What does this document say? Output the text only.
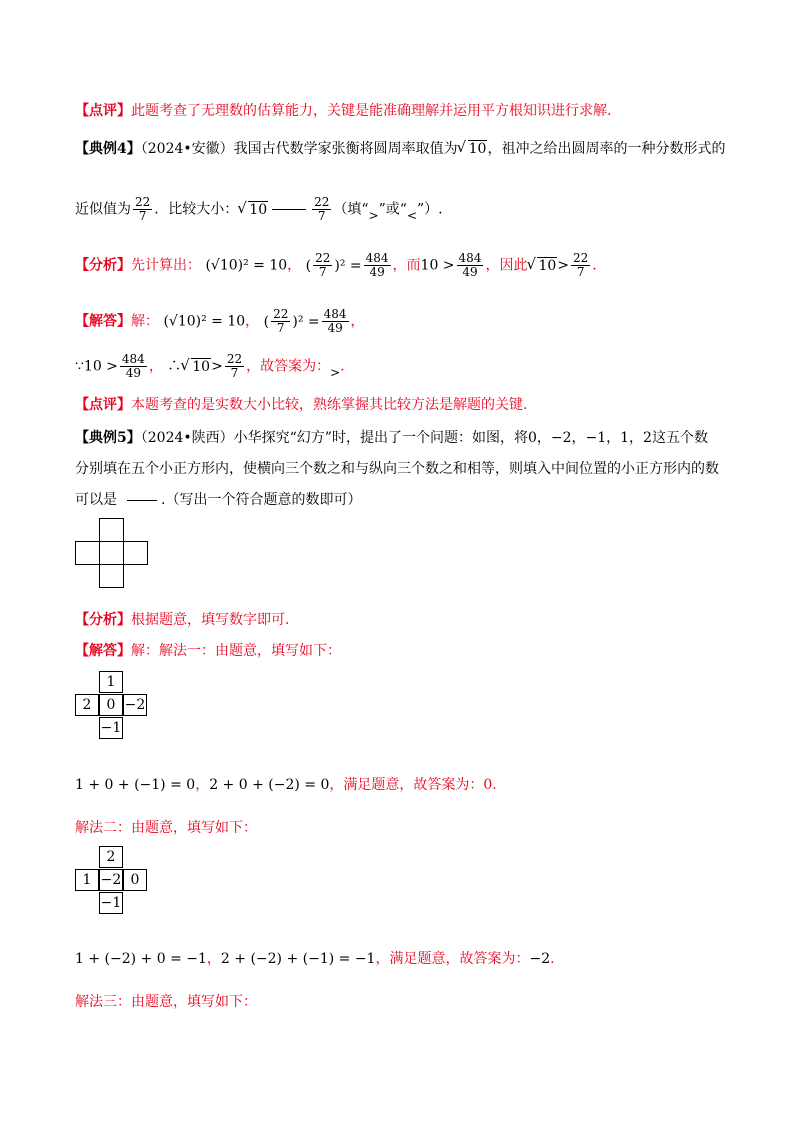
【点评】此题考查了无理数的估算能力，关键是能准确理解并运用平方根知识进行求解.
【典例4】（2024•安徽）我国古代数学家张衡将圆周率取值为 √ 10，祖冲之给出圆周率的一种分数形式的
近似值为 $\frac{22}{7}$ ．比较大小： √ 10	$\frac{22}{7}$ （填“>”或“<”）.
【分析】先计算出： (√10)² = 10， ( $\frac{22}{7} )^2 = \frac{484}{49}$ ，而$10 > \frac{484}{49}$ ，因此 √ $10> \frac{22}{7}$ .
【解答】解： (√10)² = 10， ( $\frac{22}{7} )^2 = \frac{484}{49}$ ，
∵10 > $\frac{484}{49}$ ， ∴ √ $10> \frac{22}{7}$ ，故答案为：>.
【点评】本题考查的是实数大小比较，熟练掌握其比较方法是解题的关键.
【典例5】（2024•陕西）小华探究“幻方”时，提出了一个问题：如图，将0，−2，−1，1，2这五个数
分别填在五个小正方形内，使横向三个数之和与纵向三个数之和相等，则填入中间位置的小正方形内的数
可以是	.（写出一个符合题意的数即可）
【分析】根据题意，填写数字即可.
【解答】解：解法一：由题意，填写如下：
1
2	0 −2
−1
1 + 0 + (−1) = 0，2 + 0 + (−2) = 0，满足题意，故答案为：0.
解法二：由题意，填写如下：
2
1 −2 0
−1
1 + (−2) + 0 = −1，2 + (−2) + (−1) = −1，满足题意，故答案为：−2.
解法三：由题意，填写如下：
